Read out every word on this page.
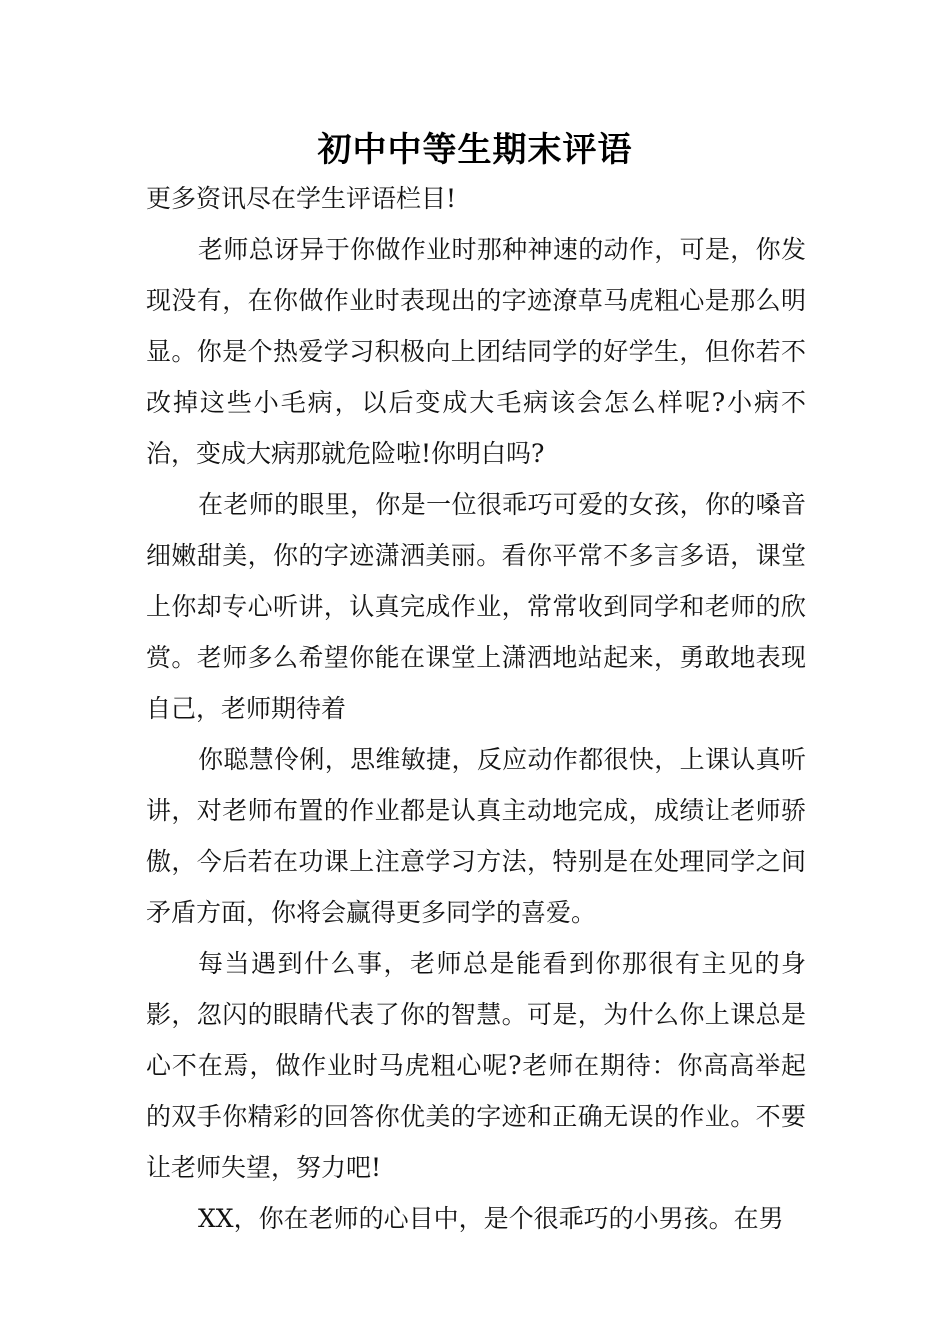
初中中等生期末评语

更多资讯尽在学生评语栏目!

老师总讶异于你做作业时那种神速的动作，可是，你发现没有，在你做作业时表现出的字迹潦草马虎粗心是那么明显。你是个热爱学习积极向上团结同学的好学生，但你若不改掉这些小毛病，以后变成大毛病该会怎么样呢?小病不治，变成大病那就危险啦!你明白吗?

在老师的眼里，你是一位很乖巧可爱的女孩，你的嗓音细嫩甜美，你的字迹潇洒美丽。看你平常不多言多语，课堂上你却专心听讲，认真完成作业，常常收到同学和老师的欣赏。老师多么希望你能在课堂上潇洒地站起来，勇敢地表现自己，老师期待着

你聪慧伶俐，思维敏捷，反应动作都很快，上课认真听讲，对老师布置的作业都是认真主动地完成，成绩让老师骄傲，今后若在功课上注意学习方法，特别是在处理同学之间矛盾方面，你将会赢得更多同学的喜爱。

每当遇到什么事，老师总是能看到你那很有主见的身影，忽闪的眼睛代表了你的智慧。可是，为什么你上课总是心不在焉，做作业时马虎粗心呢?老师在期待：你高高举起的双手你精彩的回答你优美的字迹和正确无误的作业。不要让老师失望，努力吧!

XX，你在老师的心目中，是个很乖巧的小男孩。在男
